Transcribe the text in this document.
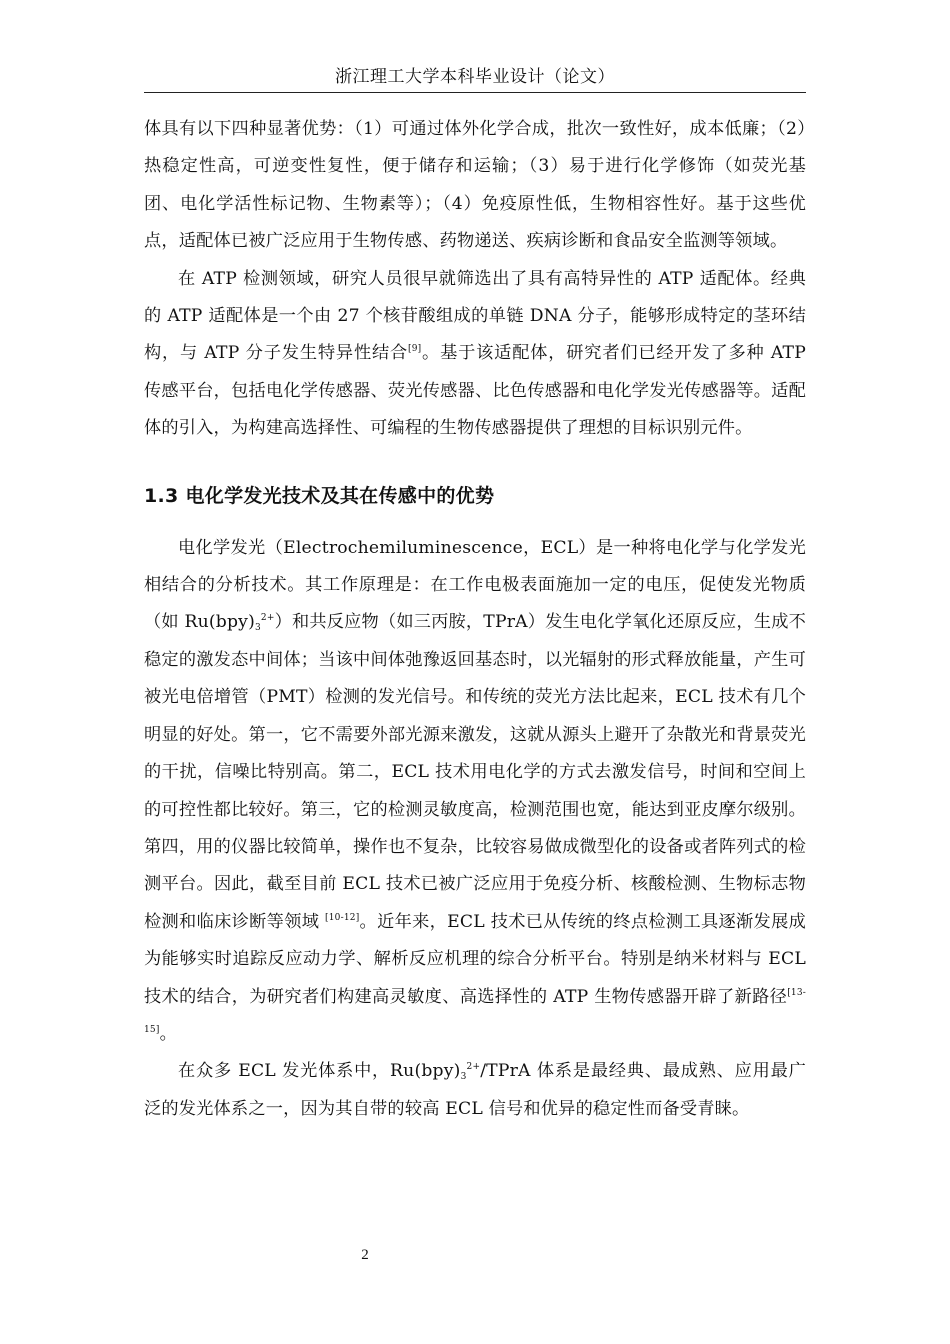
浙江理工大学本科毕业设计（论文）

体具有以下四种显著优势：（1）可通过体外化学合成，批次一致性好，成本低廉；（2）热稳定性高，可逆变性复性，便于储存和运输；（3）易于进行化学修饰（如荧光基团、电化学活性标记物、生物素等）；（4）免疫原性低，生物相容性好。基于这些优点，适配体已被广泛应用于生物传感、药物递送、疾病诊断和食品安全监测等领域。

在 ATP 检测领域，研究人员很早就筛选出了具有高特异性的 ATP 适配体。经典的 ATP 适配体是一个由 27 个核苷酸组成的单链 DNA 分子，能够形成特定的茎环结构，与 ATP 分子发生特异性结合[9]。基于该适配体，研究者们已经开发了多种 ATP 传感平台，包括电化学传感器、荧光传感器、比色传感器和电化学发光传感器等。适配体的引入，为构建高选择性、可编程的生物传感器提供了理想的目标识别元件。

1.3 电化学发光技术及其在传感中的优势

电化学发光（Electrochemiluminescence，ECL）是一种将电化学与化学发光相结合的分析技术。其工作原理是：在工作电极表面施加一定的电压，促使发光物质（如 $Ru(bpy)_3^{2+}$）和共反应物（如三丙胺，TPrA）发生电化学氧化还原反应，生成不稳定的激发态中间体；当该中间体弛豫返回基态时，以光辐射的形式释放能量，产生可被光电倍增管（PMT）检测的发光信号。和传统的荧光方法比起来，ECL 技术有几个明显的好处。第一，它不需要外部光源来激发，这就从源头上避开了杂散光和背景荧光的干扰，信噪比特别高。第二，ECL 技术用电化学的方式去激发信号，时间和空间上的可控性都比较好。第三，它的检测灵敏度高，检测范围也宽，能达到亚皮摩尔级别。第四，用的仪器比较简单，操作也不复杂，比较容易做成微型化的设备或者阵列式的检测平台。因此，截至目前 ECL 技术已被广泛应用于免疫分析、核酸检测、生物标志物检测和临床诊断等领域 [10-12]。近年来，ECL 技术已从传统的终点检测工具逐渐发展成为能够实时追踪反应动力学、解析反应机理的综合分析平台。特别是纳米材料与 ECL 技术的结合，为研究者们构建高灵敏度、高选择性的 ATP 生物传感器开辟了新路径[13-15]。

在众多 ECL 发光体系中，$Ru(bpy)_3^{2+}$/TPrA 体系是最经典、最成熟、应用最广泛的发光体系之一，因为其自带的较高 ECL 信号和优异的稳定性而备受青睐。

2
